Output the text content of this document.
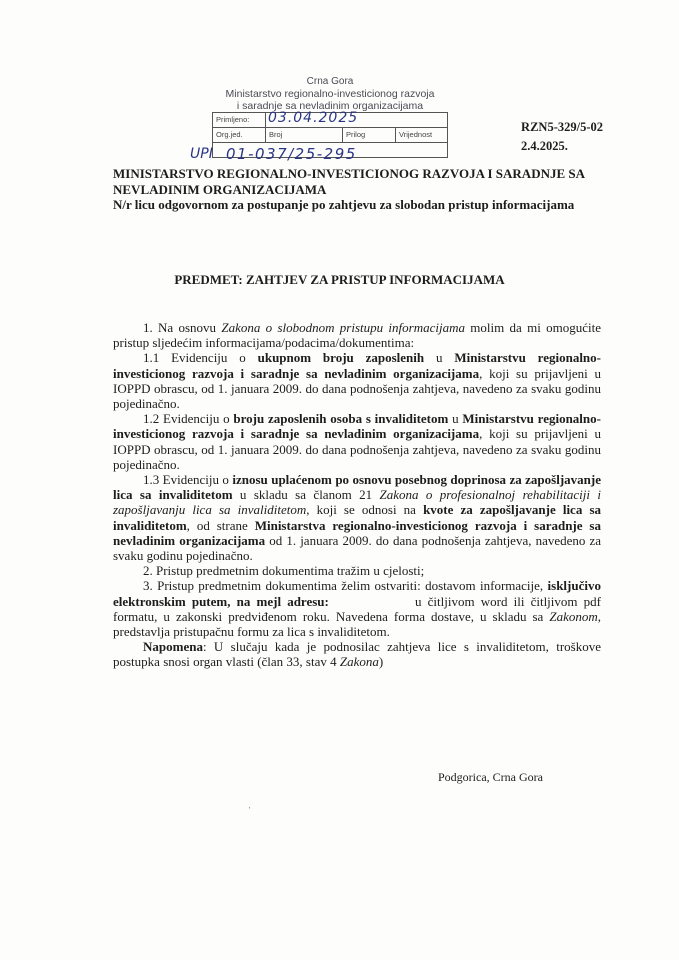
Crna Gora
Ministarstvo regionalno-investicionog razvoja
i saradnje sa nevladinim organizacijama
Primljeno:
Org.jed.	Broj	Prilog	Vrijednost
03.04.2025
UPI 01-037/25-295
RZN5-329/5-02
2.4.2025.
MINISTARSTVO REGIONALNO-INVESTICIONOG RAZVOJA I SARADNJE SA NEVLADINIM ORGANIZACIJAMA
N/r licu odgovornom za postupanje po zahtjevu za slobodan pristup informacijama
PREDMET: ZAHTJEV ZA PRISTUP INFORMACIJAMA

1. Na osnovu Zakona o slobodnom pristupu informacijama molim da mi omogućite pristup sljedećim informacijama/podacima/dokumentima:

1.1 Evidenciju o ukupnom broju zaposlenih u Ministarstvu regionalno-investicionog razvoja i saradnje sa nevladinim organizacijama, koji su prijavljeni u IOPPD obrascu, od 1. januara 2009. do dana podnošenja zahtjeva, navedeno za svaku godinu pojedinačno.

1.2 Evidenciju o broju zaposlenih osoba s invaliditetom u Ministarstvu regionalno-investicionog razvoja i saradnje sa nevladinim organizacijama, koji su prijavljeni u IOPPD obrascu, od 1. januara 2009. do dana podnošenja zahtjeva, navedeno za svaku godinu pojedinačno.

1.3 Evidenciju o iznosu uplaćenom po osnovu posebnog doprinosa za zapošljavanje lica sa invaliditetom u skladu sa članom 21 Zakona o profesionalnoj rehabilitaciji i zapošljavanju lica sa invaliditetom, koji se odnosi na kvote za zapošljavanje lica sa invaliditetom, od strane Ministarstva regionalno-investicionog razvoja i saradnje sa nevladinim organizacijama od 1. januara 2009. do dana podnošenja zahtjeva, navedeno za svaku godinu pojedinačno.

2. Pristup predmetnim dokumentima tražim u cjelosti;

3. Pristup predmetnim dokumentima želim ostvariti: dostavom informacije, isključivo elektronskim putem, na mejl adresu:	u čitljivom word ili čitljivom pdf formatu, u zakonski predviđenom roku. Navedena forma dostave, u skladu sa Zakonom, predstavlja pristupačnu formu za lica s invaliditetom.

Napomena: U slučaju kada je podnosilac zahtjeva lice s invaliditetom, troškove postupka snosi organ vlasti (član 33, stav 4 Zakona)

Podgorica, Crna Gora
ˈ
